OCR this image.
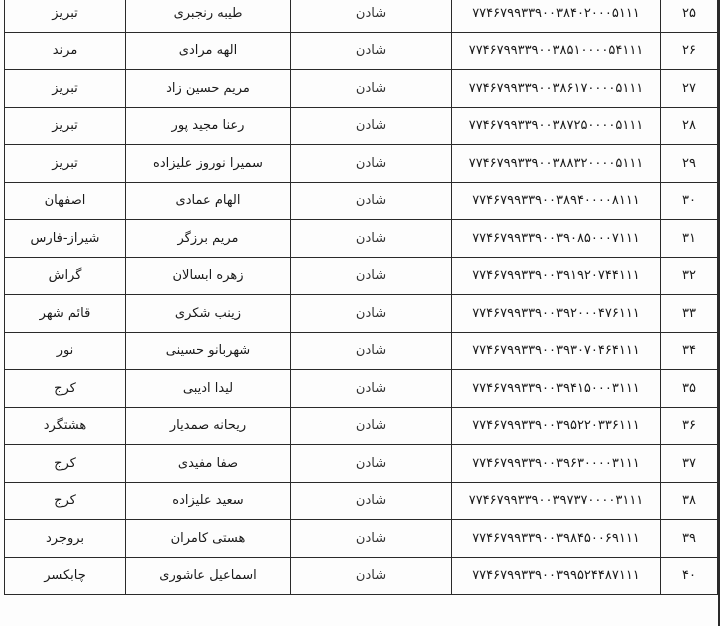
۲۵	۷۷۴۶۷۹۹۳۳۹۰۰۳۸۴۰۲۰۰۰۵۱۱۱	شادن	طیبه رنجبری	تبریز
۲۶	۷۷۴۶۷۹۹۳۳۹۰۰۳۸۵۱۰۰۰۰۵۴۱۱۱	شادن	الهه مرادی	مرند
۲۷	۷۷۴۶۷۹۹۳۳۹۰۰۳۸۶۱۷۰۰۰۰۵۱۱۱	شادن	مریم حسین زاد	تبریز
۲۸	۷۷۴۶۷۹۹۳۳۹۰۰۳۸۷۲۵۰۰۰۰۵۱۱۱	شادن	رعنا مجید پور	تبریز
۲۹	۷۷۴۶۷۹۹۳۳۹۰۰۳۸۸۳۲۰۰۰۰۵۱۱۱	شادن	سمیرا نوروز علیزاده	تبریز
۳۰	۷۷۴۶۷۹۹۳۳۹۰۰۳۸۹۴۰۰۰۰۸۱۱۱	شادن	الهام عمادی	اصفهان
۳۱	۷۷۴۶۷۹۹۳۳۹۰۰۳۹۰۸۵۰۰۰۷۱۱۱	شادن	مریم برزگر	شیراز-فارس
۳۲	۷۷۴۶۷۹۹۳۳۹۰۰۳۹۱۹۲۰۷۴۴۱۱۱	شادن	زهره ابسالان	گراش
۳۳	۷۷۴۶۷۹۹۳۳۹۰۰۳۹۲۰۰۰۴۷۶۱۱۱	شادن	زینب شکری	قائم شهر
۳۴	۷۷۴۶۷۹۹۳۳۹۰۰۳۹۳۰۷۰۴۶۴۱۱۱	شادن	شهربانو حسینی	نور
۳۵	۷۷۴۶۷۹۹۳۳۹۰۰۳۹۴۱۵۰۰۰۳۱۱۱	شادن	لیدا ادیبی	کرج
۳۶	۷۷۴۶۷۹۹۳۳۹۰۰۳۹۵۲۲۰۳۳۶۱۱۱	شادن	ریحانه صمدیار	هشتگرد
۳۷	۷۷۴۶۷۹۹۳۳۹۰۰۳۹۶۳۰۰۰۰۳۱۱۱	شادن	صفا مفیدی	کرج
۳۸	۷۷۴۶۷۹۹۳۳۹۰۰۳۹۷۳۷۰۰۰۰۳۱۱۱	شادن	سعید علیزاده	کرج
۳۹	۷۷۴۶۷۹۹۳۳۹۰۰۳۹۸۴۵۰۰۶۹۱۱۱	شادن	هستی کامران	بروجرد
۴۰	۷۷۴۶۷۹۹۳۳۹۰۰۳۹۹۵۲۴۴۸۷۱۱۱	شادن	اسماعیل عاشوری	چابکسر
